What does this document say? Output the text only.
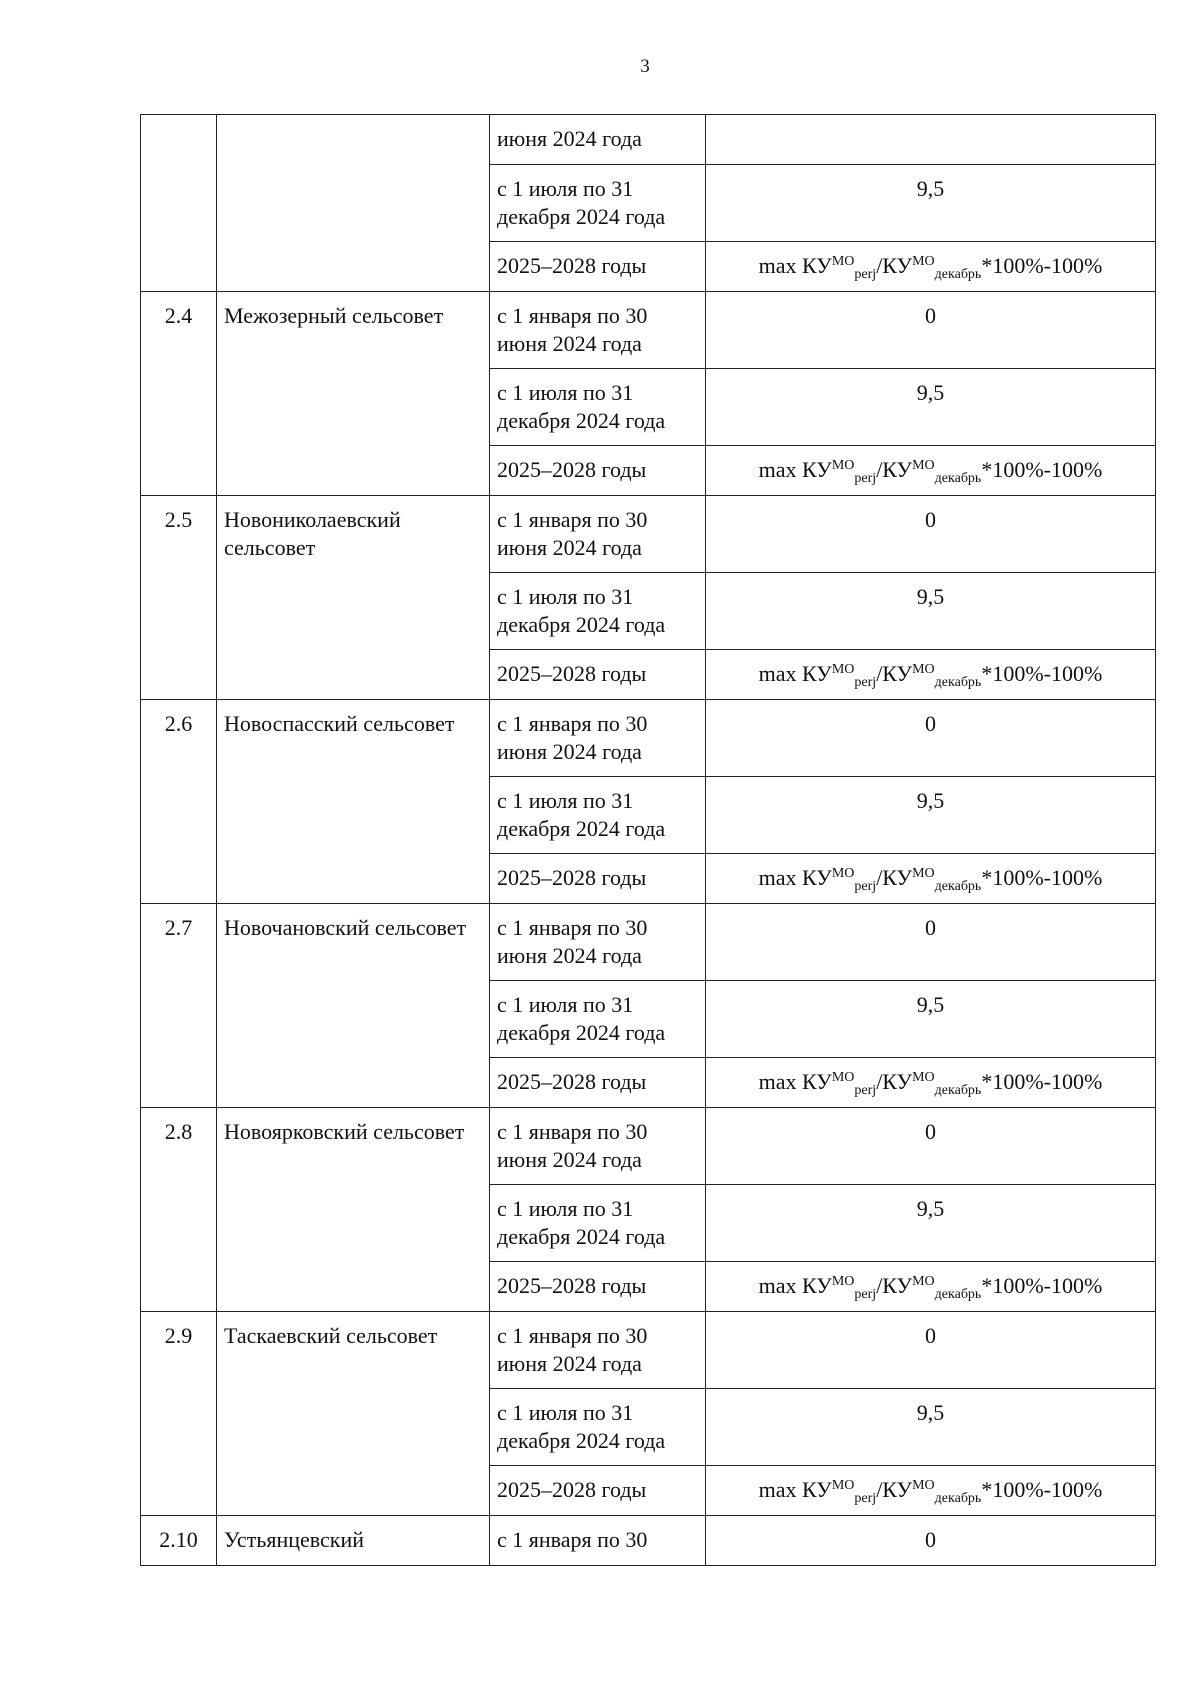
3
		июня 2024 года	
		с 1 июля по 31 декабря 2024 года	9,5
		2025–2028 годы	$\max КУ^{МО}_{perj}/КУ^{МО}_{декабрь}*100\%-100\%$
2.4	Межозерный сельсовет	с 1 января по 30 июня 2024 года	0
		с 1 июля по 31 декабря 2024 года	9,5
		2025–2028 годы	$\max КУ^{МО}_{perj}/КУ^{МО}_{декабрь}*100\%-100\%$
2.5	Новониколаевский сельсовет	с 1 января по 30 июня 2024 года	0
		с 1 июля по 31 декабря 2024 года	9,5
		2025–2028 годы	$\max КУ^{МО}_{perj}/КУ^{МО}_{декабрь}*100\%-100\%$
2.6	Новоспасский сельсовет	с 1 января по 30 июня 2024 года	0
		с 1 июля по 31 декабря 2024 года	9,5
		2025–2028 годы	$\max КУ^{МО}_{perj}/КУ^{МО}_{декабрь}*100\%-100\%$
2.7	Новочановский сельсовет	с 1 января по 30 июня 2024 года	0
		с 1 июля по 31 декабря 2024 года	9,5
		2025–2028 годы	$\max КУ^{МО}_{perj}/КУ^{МО}_{декабрь}*100\%-100\%$
2.8	Новоярковский сельсовет	с 1 января по 30 июня 2024 года	0
		с 1 июля по 31 декабря 2024 года	9,5
		2025–2028 годы	$\max КУ^{МО}_{perj}/КУ^{МО}_{декабрь}*100\%-100\%$
2.9	Таскаевский сельсовет	с 1 января по 30 июня 2024 года	0
		с 1 июля по 31 декабря 2024 года	9,5
		2025–2028 годы	$\max КУ^{МО}_{perj}/КУ^{МО}_{декабрь}*100\%-100\%$
2.10	Устьянцевский	с 1 января по 30	0
